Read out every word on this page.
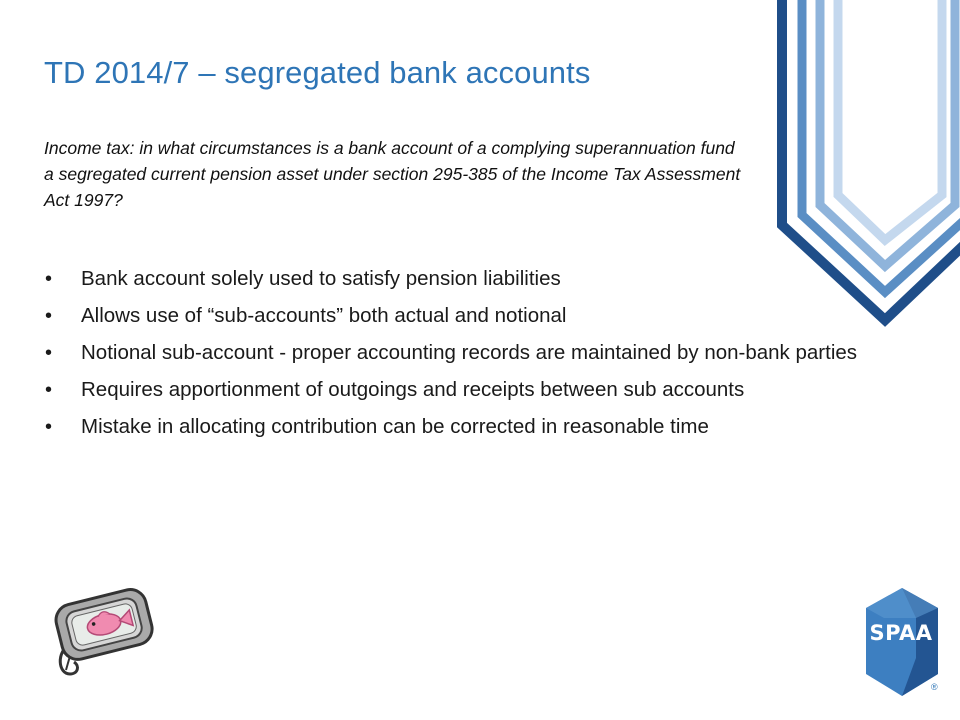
TD 2014/7 – segregated bank accounts

Income tax: in what circumstances is a bank account of a complying superannuation fund a segregated current pension asset under section 295-385 of the Income Tax Assessment Act 1997?

• Bank account solely used to satisfy pension liabilities
• Allows use of “sub-accounts” both actual and notional
• Notional sub-account - proper accounting records are maintained by non-bank parties
• Requires apportionment of outgoings and receipts between sub accounts
• Mistake in allocating contribution can be corrected in reasonable time
SPAA
®
